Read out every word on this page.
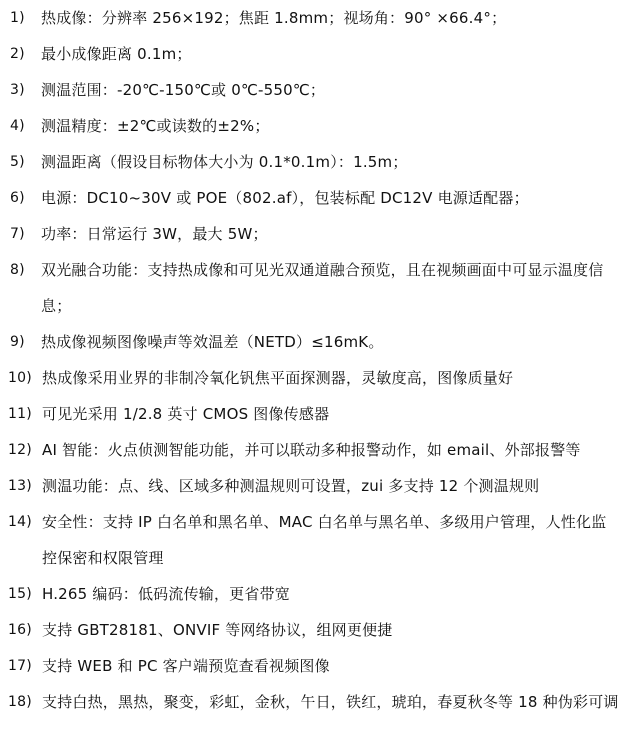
1)	热成像：分辨率 256×192；焦距 1.8mm；视场角：90° ×66.4°；
2)	最小成像距离 0.1m；
3)	测温范围：-20℃-150℃或 0℃-550℃；
4)	测温精度：±2℃或读数的±2%；
5)	测温距离（假设目标物体大小为 0.1*0.1m）：1.5m；
6)	电源：DC10~30V 或 POE（802.af），包装标配 DC12V 电源适配器；
7)	功率：日常运行 3W，最大 5W；
8)	双光融合功能：支持热成像和可见光双通道融合预览，且在视频画面中可显示温度信息；
9)	热成像视频图像噪声等效温差（NETD）≤16mK。
10) 热成像采用业界的非制冷氧化钒焦平面探测器，灵敏度高，图像质量好
11) 可见光采用 1/2.8 英寸 CMOS 图像传感器
12) AI 智能：火点侦测智能功能，并可以联动多种报警动作，如 email、外部报警等
13) 测温功能：点、线、区域多种测温规则可设置，zui 多支持 12 个测温规则
14) 安全性：支持 IP 白名单和黑名单、MAC 白名单与黑名单、多级用户管理，人性化监控保密和权限管理
15) H.265 编码：低码流传输，更省带宽
16) 支持 GBT28181、ONVIF 等网络协议，组网更便捷
17) 支持 WEB 和 PC 客户端预览查看视频图像
18) 支持白热，黑热，聚变，彩虹，金秋，午日，铁红，琥珀，春夏秋冬等 18 种伪彩可调
